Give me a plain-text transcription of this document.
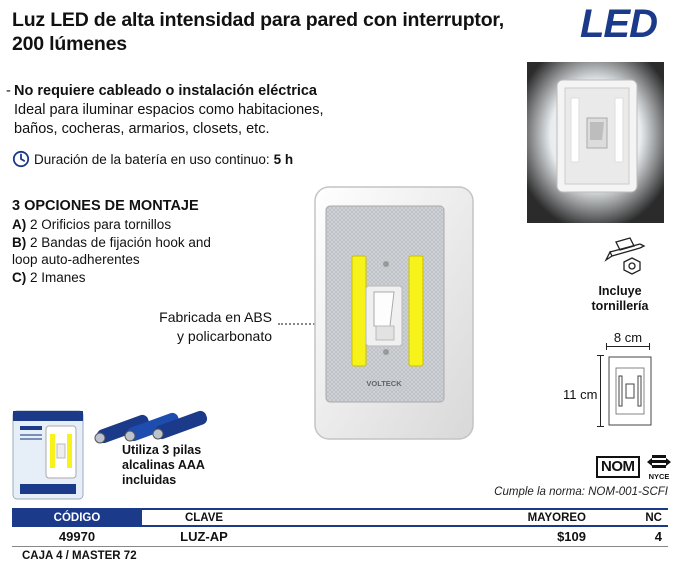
Luz LED de alta intensidad para pared con interruptor,
200 lúmenes	LED
- No requiere cableado o instalación eléctrica
Ideal para iluminar espacios como habitaciones, baños, cocheras, armarios, closets, etc.
Duración de la batería en uso continuo: 5 h
3 OPCIONES DE MONTAJE
A) 2 Orificios para tornillos
B) 2 Bandas de fijación hook and loop auto-adherentes
C) 2 Imanes
Fabricada en ABS
y policarbonato
VOLTECK
Incluye
tornillería
8 cm
11 cm
Utiliza 3 pilas
alcalinas AAA
incluidas
NOM
NYCE
Cumple la norma: NOM-001-SCFI
CÓDIGO	CLAVE	MAYOREO	NC
49970	LUZ-AP	$109	4
CAJA 4 / MASTER 72
